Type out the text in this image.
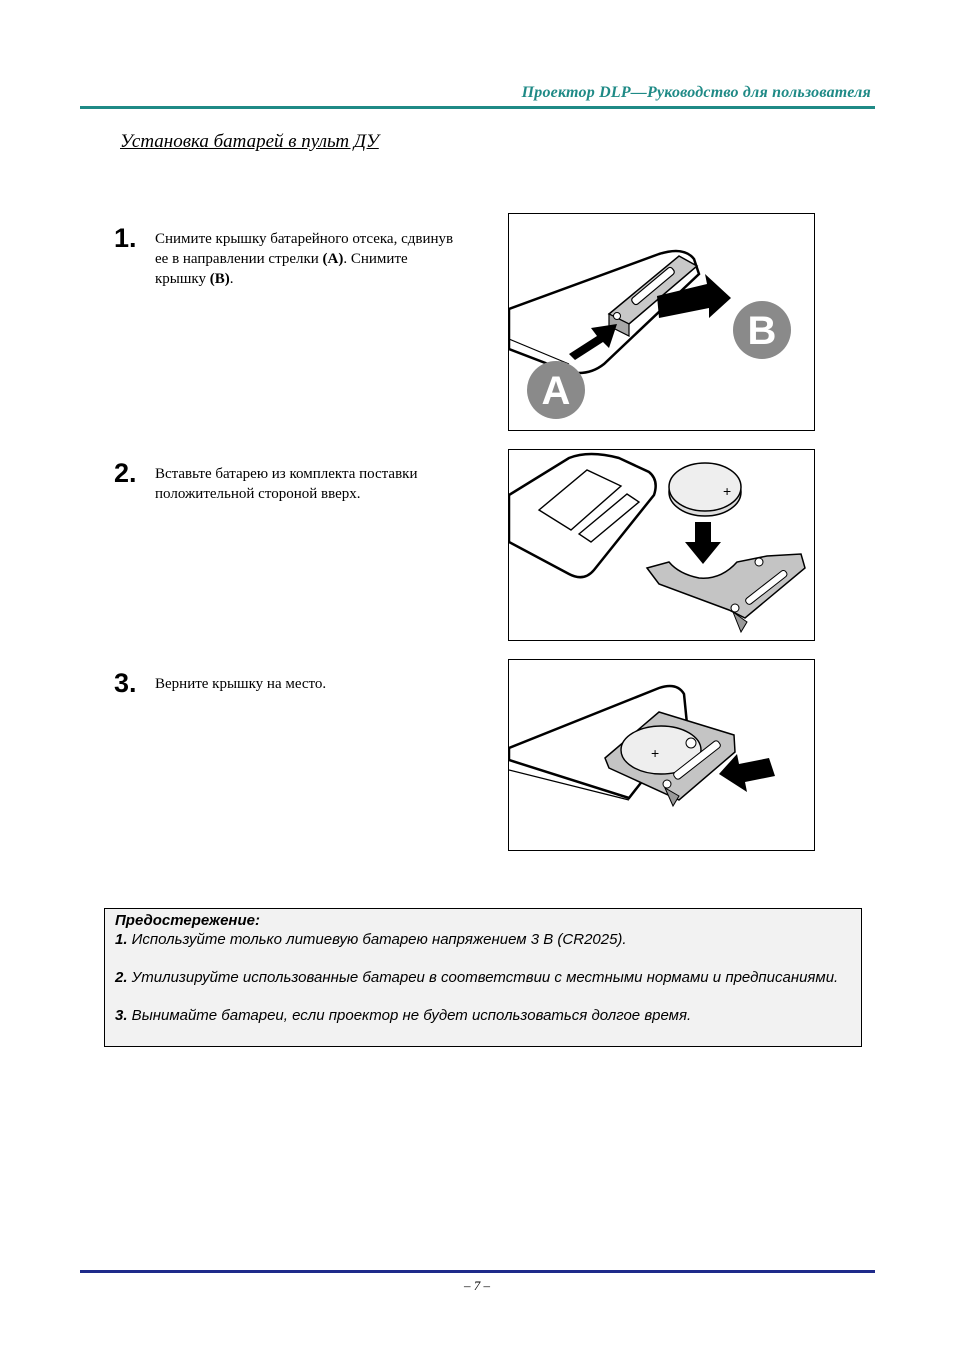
Проектор DLP—Руководство для пользователя
Установка батарей в пульт ДУ
1. Снимите крышку батарейного отсека, сдвинув ее в направлении стрелки (A). Снимите крышку (B).
B
A
2. Вставьте батарею из комплекта поставки положительной стороной вверх.	+
3. Верните крышку на место.
+

Предостережение:

1. Используйте только литиевую батарею напряжением 3 В (CR2025).

2. Утилизируйте использованные батареи в соответствии с местными нормами и предписаниями.

3. Вынимайте батареи, если проектор не будет использоваться долгое время.

– 7 –
